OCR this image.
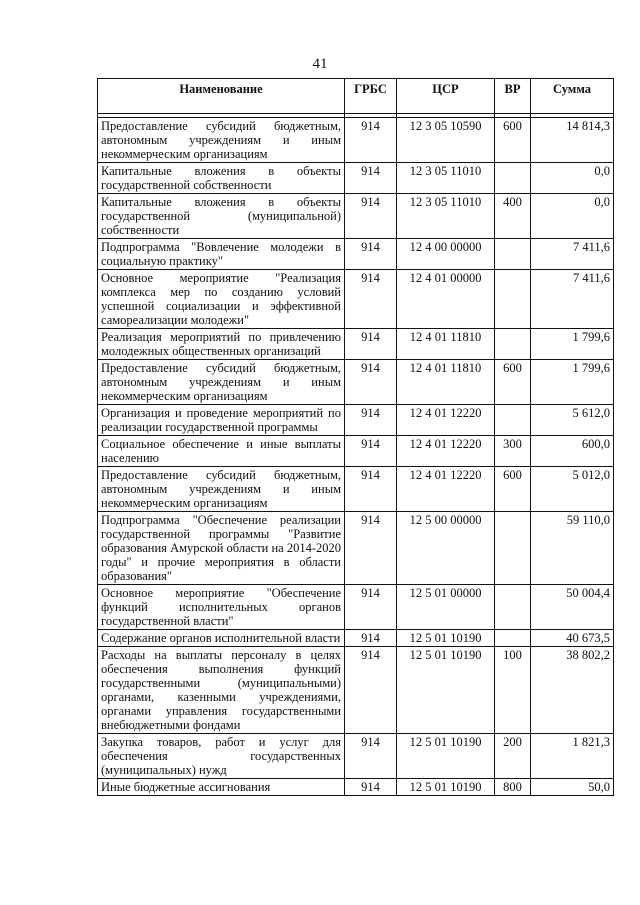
41
Наименование	ГРБС	ЦСР	ВР	Сумма

Предоставление субсидий бюджетным, автономным учреждениям и иным некоммерческим организациям	914	12 3 05 10590	600	14 814,3
Капитальные вложения в объекты государственной собственности	914	12 3 05 11010		0,0
Капитальные вложения в объекты государственной (муниципальной) собственности	914	12 3 05 11010	400	0,0
Подпрограмма "Вовлечение молодежи в социальную практику"	914	12 4 00 00000		7 411,6
Основное мероприятие "Реализация комплекса мер по созданию условий успешной социализации и эффективной самореализации молодежи"	914	12 4 01 00000		7 411,6
Реализация мероприятий по привлечению молодежных общественных организаций	914	12 4 01 11810		1 799,6
Предоставление субсидий бюджетным, автономным учреждениям и иным некоммерческим организациям	914	12 4 01 11810	600	1 799,6
Организация и проведение мероприятий по реализации государственной программы	914	12 4 01 12220		5 612,0
Социальное обеспечение и иные выплаты населению	914	12 4 01 12220	300	600,0
Предоставление субсидий бюджетным, автономным учреждениям и иным некоммерческим организациям	914	12 4 01 12220	600	5 012,0
Подпрограмма "Обеспечение реализации государственной программы "Развитие образования Амурской области на 2014-2020 годы" и прочие мероприятия в области образования"	914	12 5 00 00000		59 110,0
Основное мероприятие "Обеспечение функций исполнительных органов государственной власти"	914	12 5 01 00000		50 004,4
Содержание органов исполнительной власти	914	12 5 01 10190		40 673,5
Расходы на выплаты персоналу в целях обеспечения выполнения функций государственными (муниципальными) органами, казенными учреждениями, органами управления государственными внебюджетными фондами	914	12 5 01 10190	100	38 802,2
Закупка товаров, работ и услуг для обеспечения государственных (муниципальных) нужд	914	12 5 01 10190	200	1 821,3
Иные бюджетные ассигнования	914	12 5 01 10190	800	50,0
